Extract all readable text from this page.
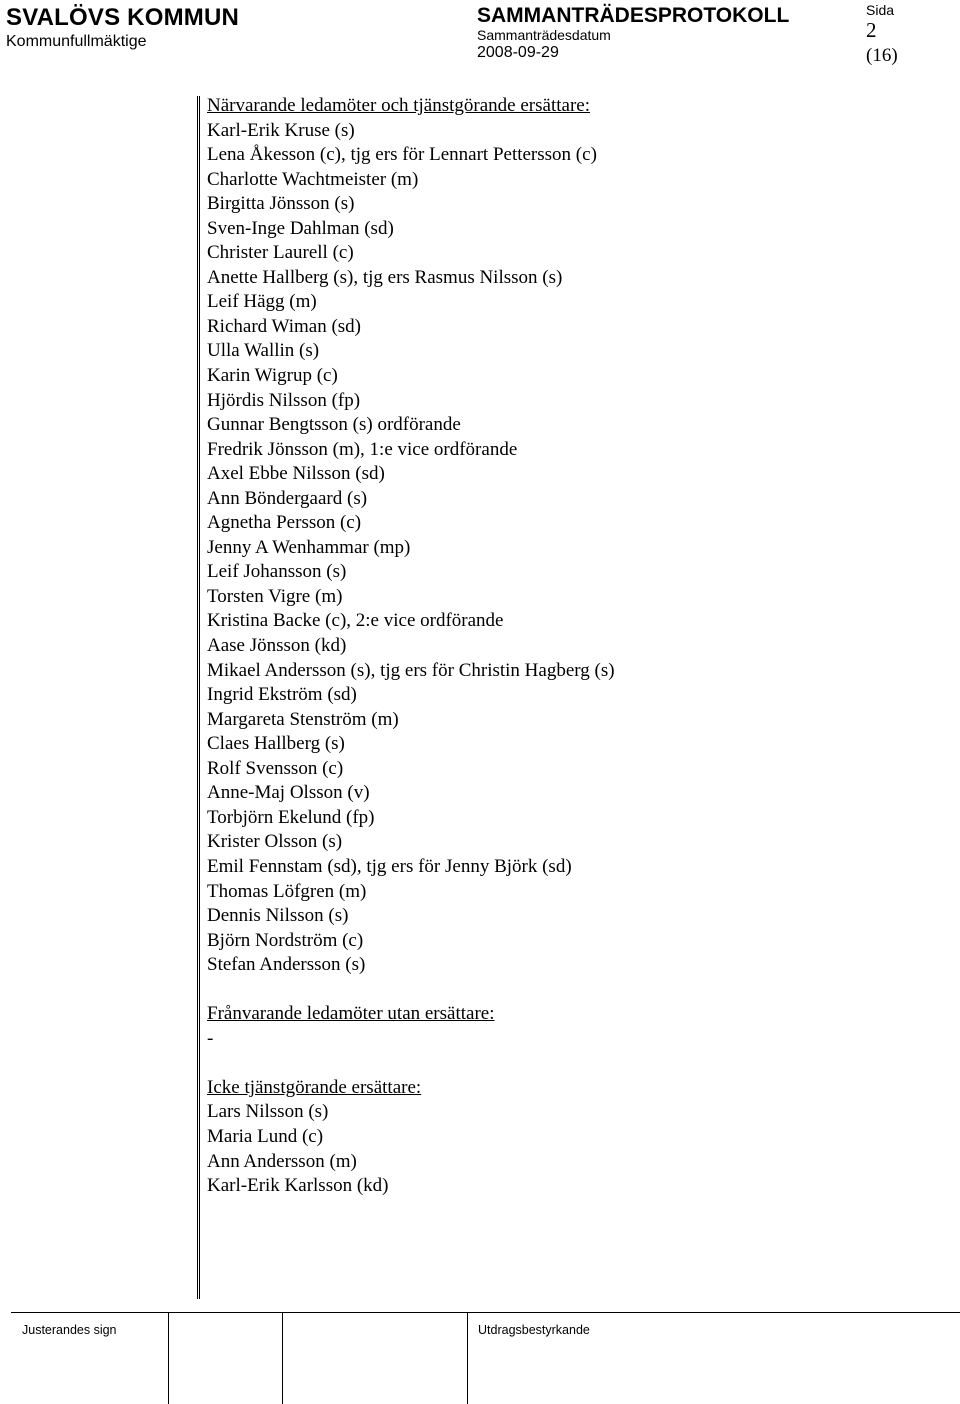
SVALÖVS KOMMUN
Kommunfullmäktige
SAMMANTRÄDESPROTOKOLL
Sammanträdesdatum
2008-09-29
Sida
2
(16)
Närvarande ledamöter och tjänstgörande ersättare:
Karl-Erik Kruse (s)
Lena Åkesson (c), tjg ers för Lennart Pettersson (c)
Charlotte Wachtmeister (m)
Birgitta Jönsson (s)
Sven-Inge Dahlman (sd)
Christer Laurell (c)
Anette Hallberg (s), tjg ers Rasmus Nilsson (s)
Leif Hägg (m)
Richard Wiman (sd)
Ulla Wallin (s)
Karin Wigrup (c)
Hjördis Nilsson (fp)
Gunnar Bengtsson (s) ordförande
Fredrik Jönsson (m), 1:e vice ordförande
Axel Ebbe Nilsson (sd)
Ann Böndergaard (s)
Agnetha Persson (c)
Jenny A Wenhammar (mp)
Leif Johansson (s)
Torsten Vigre (m)
Kristina Backe (c), 2:e vice ordförande
Aase Jönsson (kd)
Mikael Andersson (s), tjg ers för Christin Hagberg (s)
Ingrid Ekström (sd)
Margareta Stenström (m)
Claes Hallberg (s)
Rolf Svensson (c)
Anne-Maj Olsson (v)
Torbjörn Ekelund (fp)
Krister Olsson (s)
Emil Fennstam (sd), tjg ers för Jenny Björk (sd)
Thomas Löfgren (m)
Dennis Nilsson (s)
Björn Nordström (c)
Stefan Andersson (s)
Frånvarande ledamöter utan ersättare:
-
Icke tjänstgörande ersättare:
Lars Nilsson (s)
Maria Lund (c)
Ann Andersson (m)
Karl-Erik Karlsson (kd)
Justerandes sign	Utdragsbestyrkande
